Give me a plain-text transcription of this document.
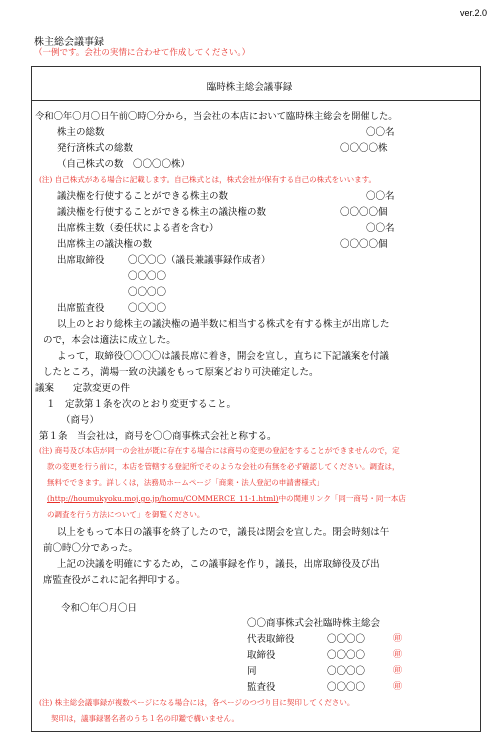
ver.2.0
株主総会議事録
（一例です。会社の実情に合わせて作成してください。）
臨時株主総会議事録
令和〇年〇月〇日午前〇時〇分から，当会社の本店において臨時株主総会を開催した。
株主の総数	〇〇名
発行済株式の総数	〇〇〇〇株
（自己株式の数　〇〇〇〇株）
(注) 自己株式がある場合に記載します。自己株式とは，株式会社が保有する自己の株式をいいます。
議決権を行使することができる株主の数	〇〇名
議決権を行使することができる株主の議決権の数	〇〇〇〇個
出席株主数（委任状による者を含む）	〇〇名
出席株主の議決権の数	〇〇〇〇個
出席取締役 〇〇〇〇（議長兼議事録作成者）
〇〇〇〇
〇〇〇〇
出席監査役 〇〇〇〇
以上のとおり総株主の議決権の過半数に相当する株式を有する株主が出席した
ので，本会は適法に成立した。
よって，取締役〇〇〇〇は議長席に着き，開会を宣し，直ちに下記議案を付議
したところ，満場一致の決議をもって原案どおり可決確定した。
議案　　定款変更の件
１　定款第１条を次のとおり変更すること。
（商号）
第１条　当会社は，商号を〇〇商事株式会社と称する。
(注) 商号及び本店が同一の会社が既に存在する場合には商号の変更の登記をすることができませんので，定
款の変更を行う前に，本店を管轄する登記所でそのような会社の有無を必ず確認してください。調査は，
無料でできます。詳しくは，法務局ホームページ「商業・法人登記の申請書様式」
(http://houmukyoku.moj.go.jp/homu/COMMERCE_11-1.html)中の関連リンク「同一商号・同一本店
の調査を行う方法について」を御覧ください。
以上をもって本日の議事を終了したので，議長は閉会を宣した。閉会時刻は午
前〇時〇分であった。
上記の決議を明確にするため，この議事録を作り，議長，出席取締役及び出
席監査役がこれに記名押印する。
令和〇年〇月〇日
〇〇商事株式会社臨時株主総会
代表取締役	〇〇〇〇	㊞
取締役	〇〇〇〇	㊞
同	〇〇〇〇	㊞
監査役	〇〇〇〇	㊞
(注) 株主総会議事録が複数ページになる場合には，各ページのつづり目に契印してください。
契印は，議事録署名者のうち１名の印鑑で構いません。
